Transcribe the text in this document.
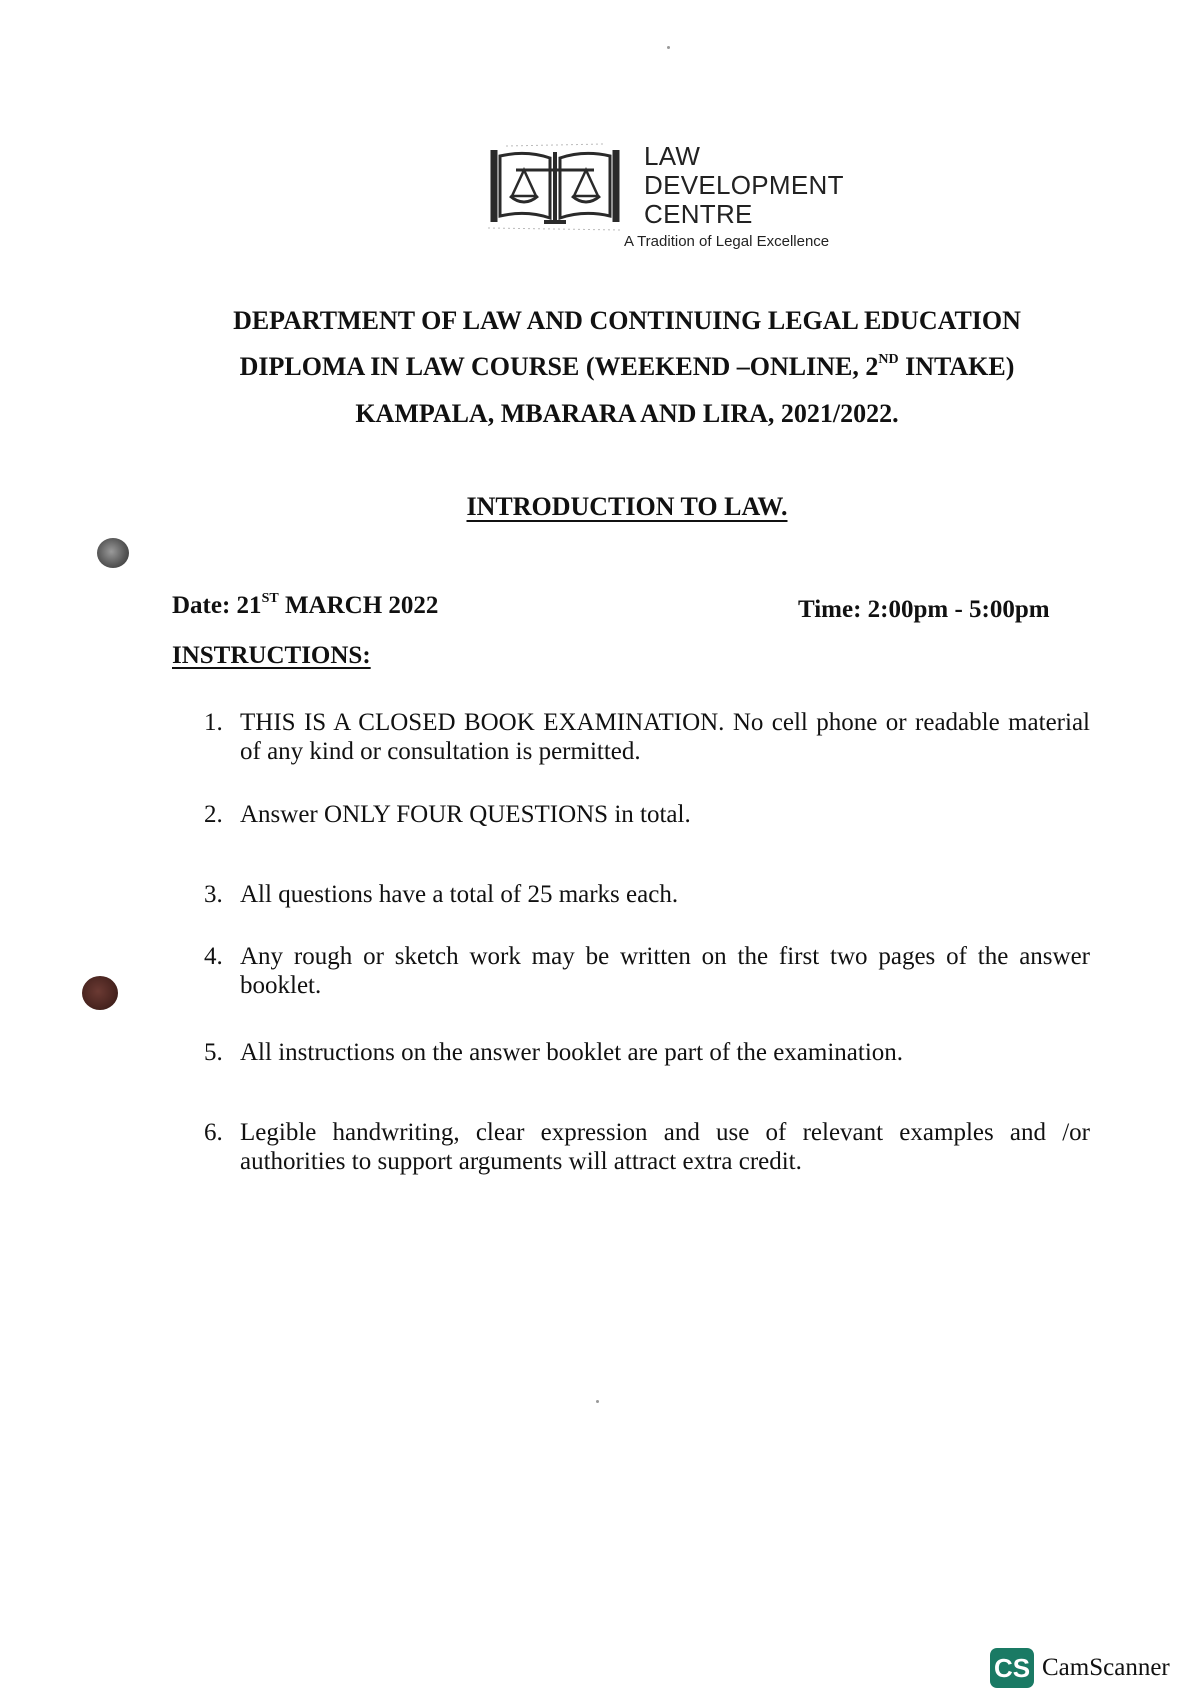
LAW
DEVELOPMENT
CENTRE
A Tradition of Legal Excellence
DEPARTMENT OF LAW AND CONTINUING LEGAL EDUCATION
DIPLOMA IN LAW COURSE (WEEKEND –ONLINE, 2ND INTAKE)
KAMPALA, MBARARA AND LIRA, 2021/2022.
INTRODUCTION TO LAW.
Date: 21ST MARCH 2022	Time: 2:00pm - 5:00pm
INSTRUCTIONS:
1. THIS IS A CLOSED BOOK EXAMINATION. No cell phone or readable material of any kind or consultation is permitted.
2. Answer ONLY FOUR QUESTIONS in total.
3. All questions have a total of 25 marks each.
4. Any rough or sketch work may be written on the first two pages of the answer booklet.
5. All instructions on the answer booklet are part of the examination.
6. Legible handwriting, clear expression and use of relevant examples and /or authorities to support arguments will attract extra credit.
CS CamScanner
